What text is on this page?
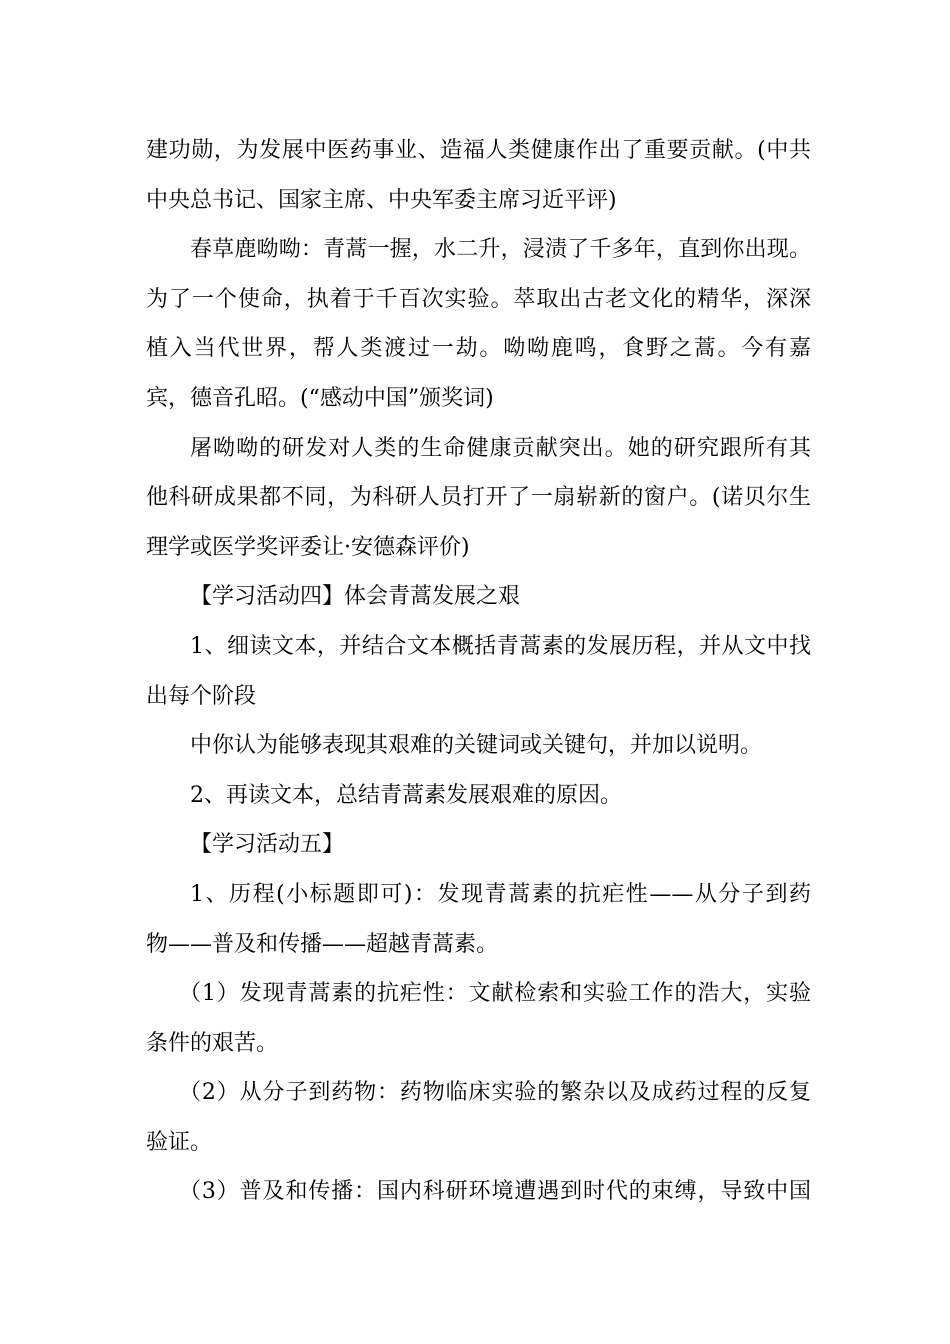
建功勋，为发展中医药事业、造福人类健康作出了重要贡献。(中共
中央总书记、国家主席、中央军委主席习近平评)
春草鹿呦呦：青蒿一握，水二升，浸渍了千多年，直到你出现。
为了一个使命，执着于千百次实验。萃取出古老文化的精华，深深
植入当代世界，帮人类渡过一劫。呦呦鹿鸣，食野之蒿。今有嘉
宾，德音孔昭。(“感动中国”颁奖词)
屠呦呦的研发对人类的生命健康贡献突出。她的研究跟所有其
他科研成果都不同，为科研人员打开了一扇崭新的窗户。(诺贝尔生
理学或医学奖评委让·安德森评价)
【学习活动四】体会青蒿发展之艰
1、细读文本，并结合文本概括青蒿素的发展历程，并从文中找
出每个阶段
中你认为能够表现其艰难的关键词或关键句，并加以说明。
2、再读文本，总结青蒿素发展艰难的原因。
【学习活动五】
1、历程(小标题即可)：发现青蒿素的抗疟性——从分子到药
物——普及和传播——超越青蒿素。
（1）发现青蒿素的抗疟性：文献检索和实验工作的浩大，实验
条件的艰苦。
（2）从分子到药物：药物临床实验的繁杂以及成药过程的反复
验证。
（3）普及和传播：国内科研环境遭遇到时代的束缚，导致中国
